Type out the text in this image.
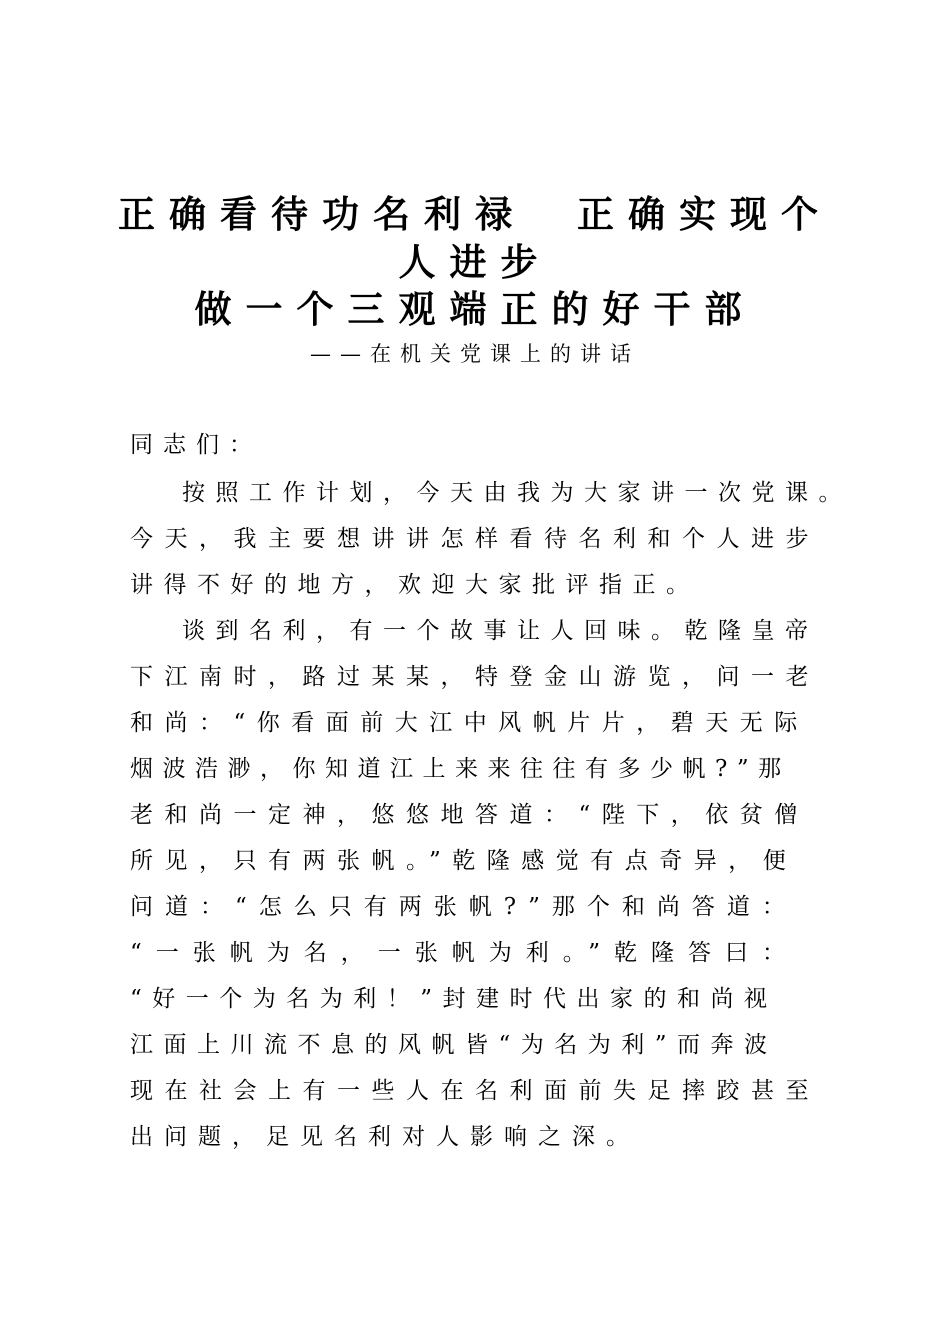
正确看待功名利禄　正确实现个
人进步
做一个三观端正的好干部
——在机关党课上的讲话
同志们：
按照工作计划，今天由我为大家讲一次党课。
今天，我主要想讲讲怎样看待名利和个人进步
讲得不好的地方，欢迎大家批评指正。
谈到名利，有一个故事让人回味。乾隆皇帝
下江南时，路过某某，特登金山游览，问一老
和尚：“你看面前大江中风帆片片，碧天无际
烟波浩渺，你知道江上来来往往有多少帆?”那
老和尚一定神，悠悠地答道：“陛下，依贫僧
所见，只有两张帆。”乾隆感觉有点奇异，便
问道：“怎么只有两张帆?”那个和尚答道：
“一张帆为名，一张帆为利。”乾隆答曰：
“好一个为名为利！”封建时代出家的和尚视
江面上川流不息的风帆皆“为名为利”而奔波
现在社会上有一些人在名利面前失足摔跤甚至
出问题，足见名利对人影响之深。
